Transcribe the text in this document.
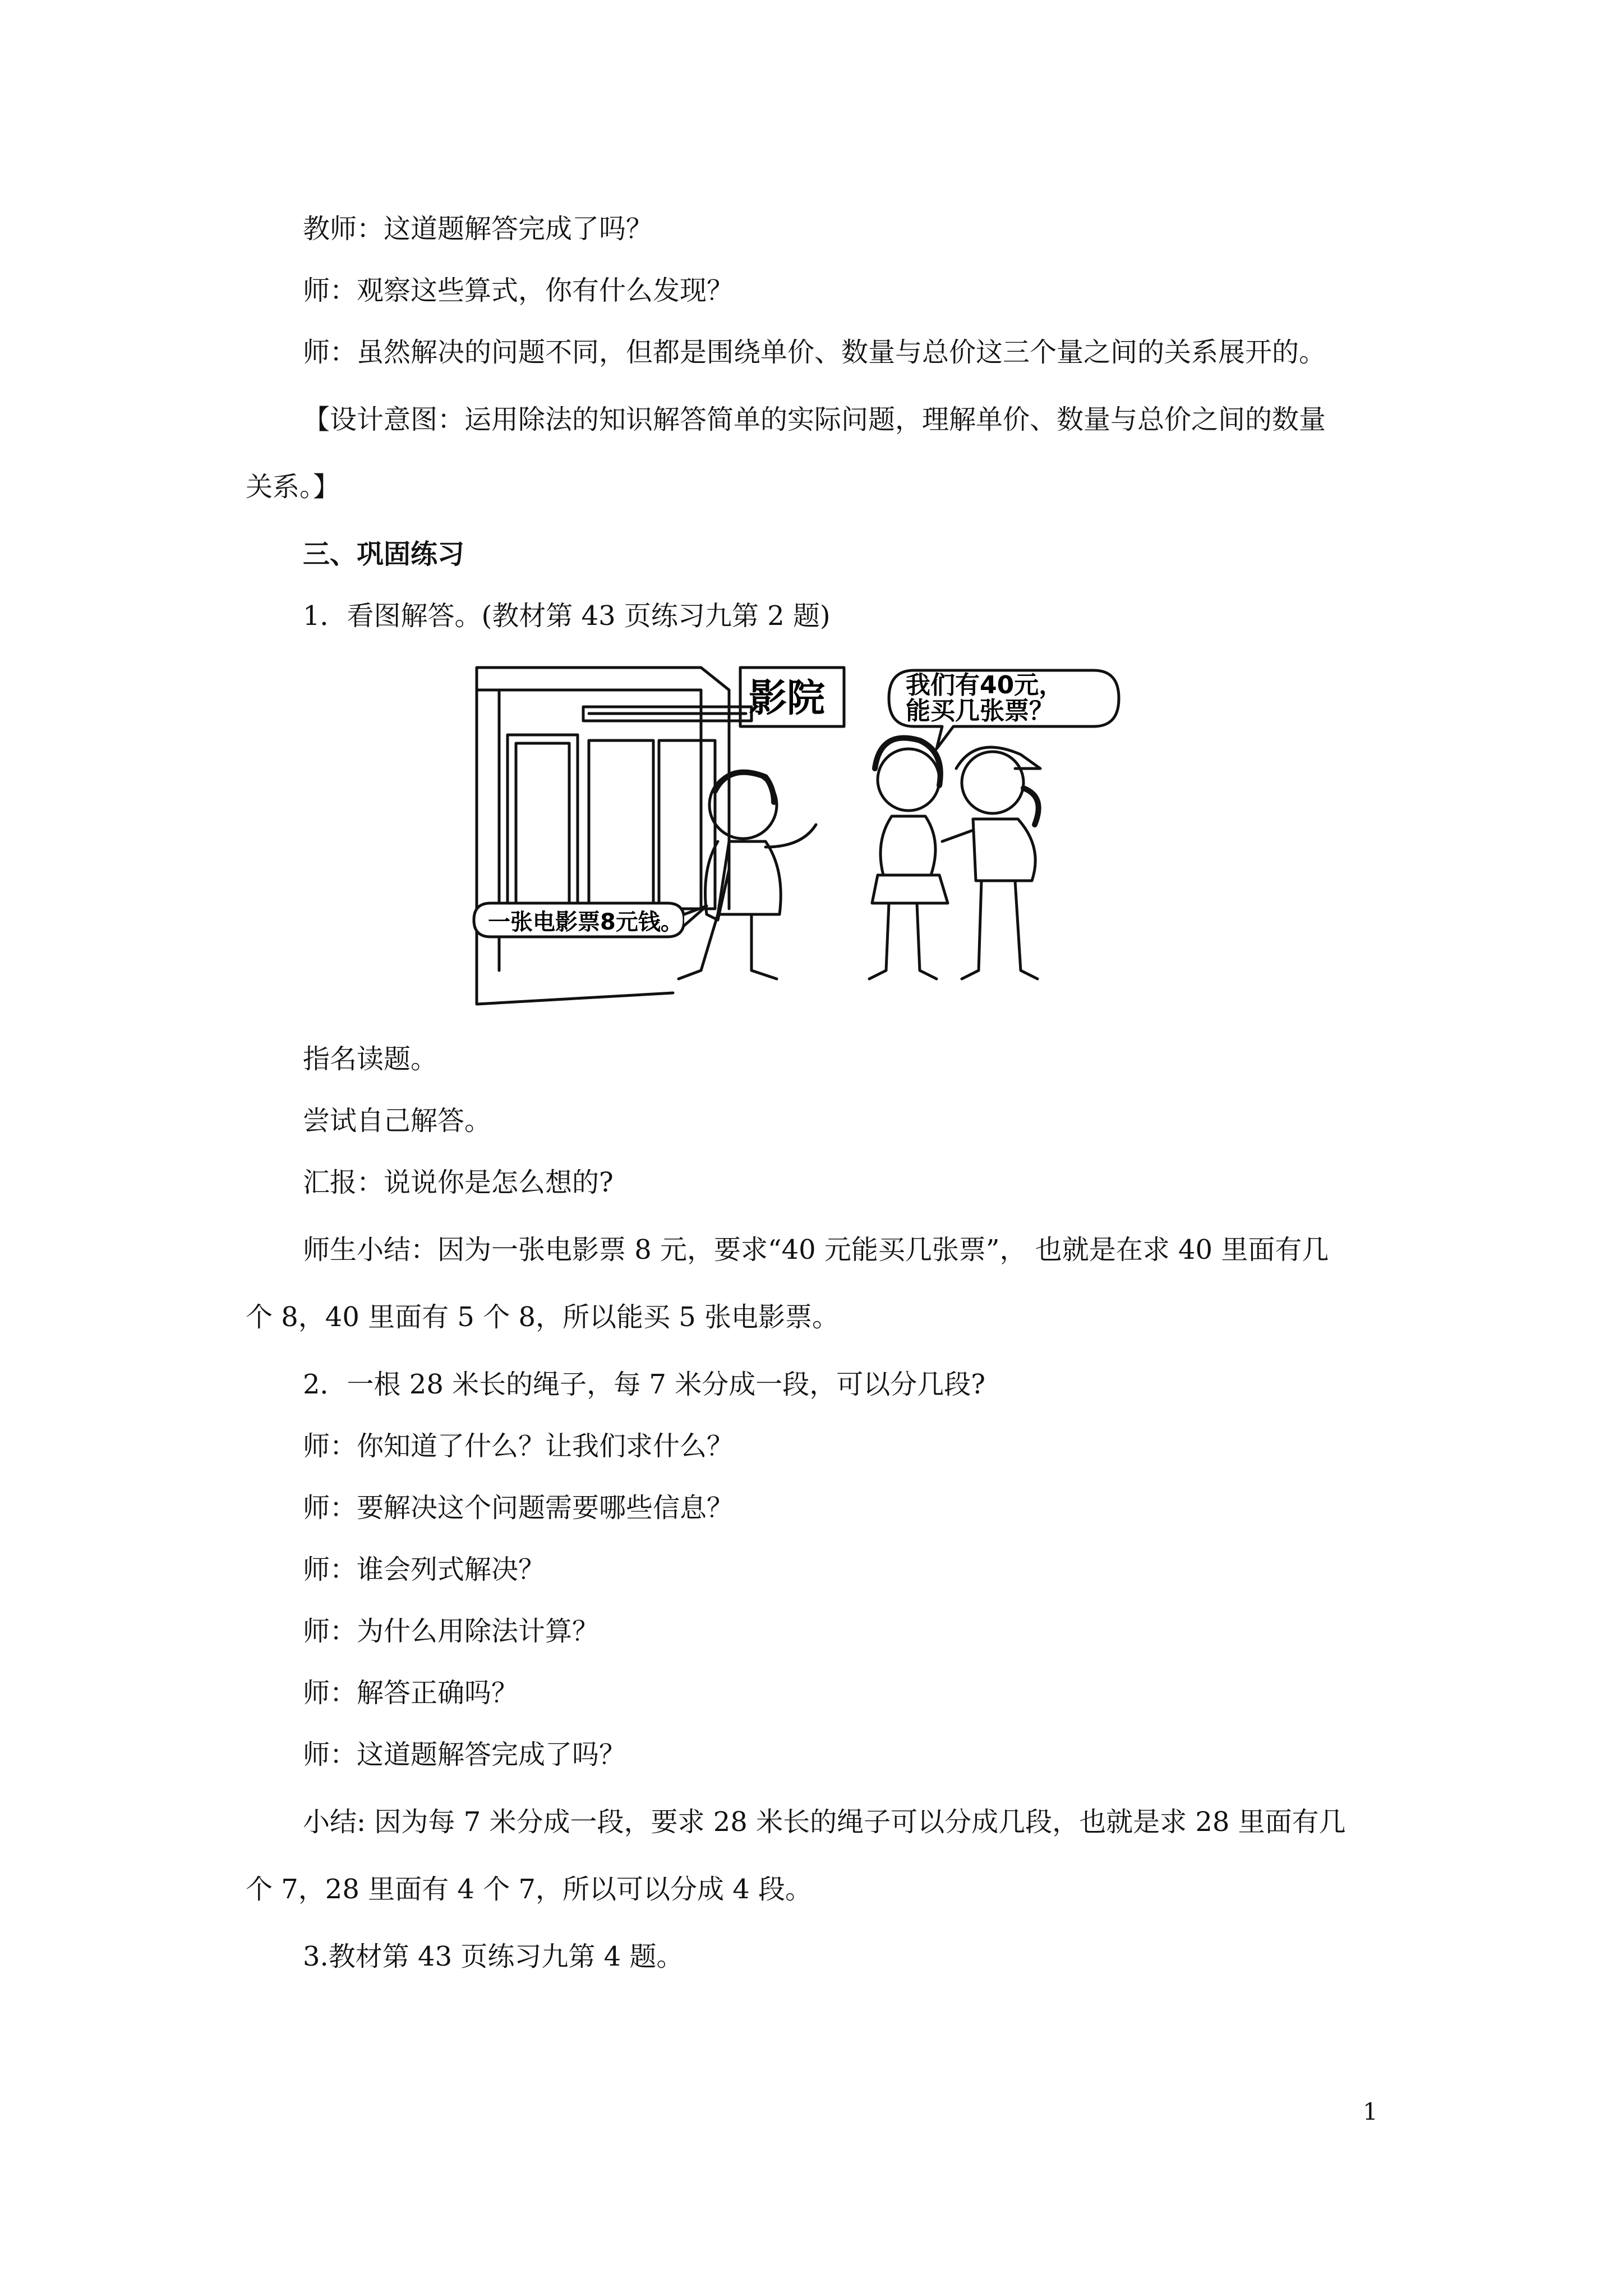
教师：这道题解答完成了吗？
师：观察这些算式，你有什么发现？
师：虽然解决的问题不同，但都是围绕单价、数量与总价这三个量之间的关系展开的。
【设计意图：运用除法的知识解答简单的实际问题，理解单价、数量与总价之间的数量
关系。】
三、巩固练习
1．看图解答。(教材第 43 页练习九第 2 题)
影院	我们有40元，
能买几张票？
一张电影票8元钱。
指名读题。
尝试自己解答。
汇报：说说你是怎么想的?
师生小结：因为一张电影票 8 元，要求“40 元能买几张票”， 也就是在求 40 里面有几
个 8，40 里面有 5 个 8，所以能买 5 张电影票。
2．一根 28 米长的绳子，每 7 米分成一段，可以分几段?
师：你知道了什么？让我们求什么？
师：要解决这个问题需要哪些信息？
师：谁会列式解决？
师：为什么用除法计算？
师：解答正确吗？
师：这道题解答完成了吗？
小结: 因为每 7 米分成一段，要求 28 米长的绳子可以分成几段，也就是求 28 里面有几
个 7，28 里面有 4 个 7，所以可以分成 4 段。
3.教材第 43 页练习九第 4 题。
1
